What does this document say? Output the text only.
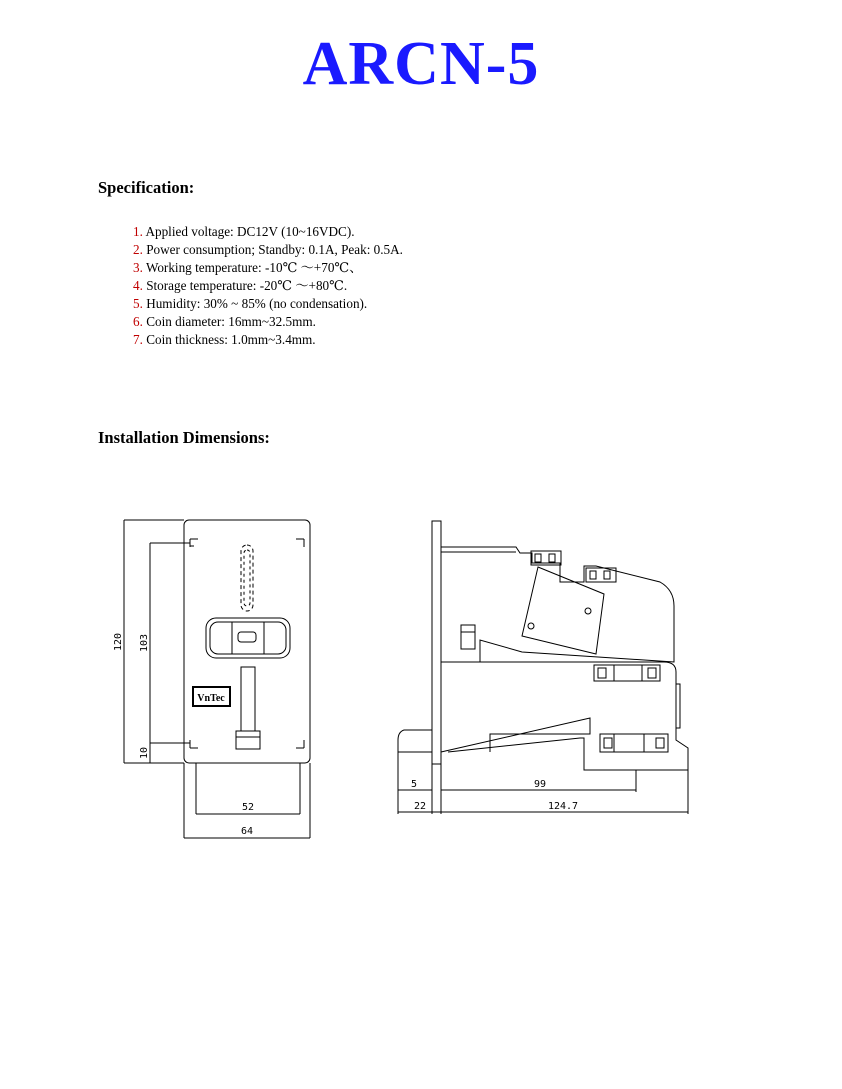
ARCN-5
Specification:
1. Applied voltage: DC12V (10~16VDC).
2. Power consumption; Standby: 0.1A, Peak: 0.5A.
3. Working temperature: -10℃ ～+70℃、
4. Storage temperature: -20℃ ～+80℃.
5. Humidity: 30% ~ 85% (no condensation).
6. Coin diameter: 16mm~32.5mm.
7. Coin thickness: 1.0mm~3.4mm.
Installation Dimensions:
VnTec
120 103
10
52
64
5	99
22	124.7
